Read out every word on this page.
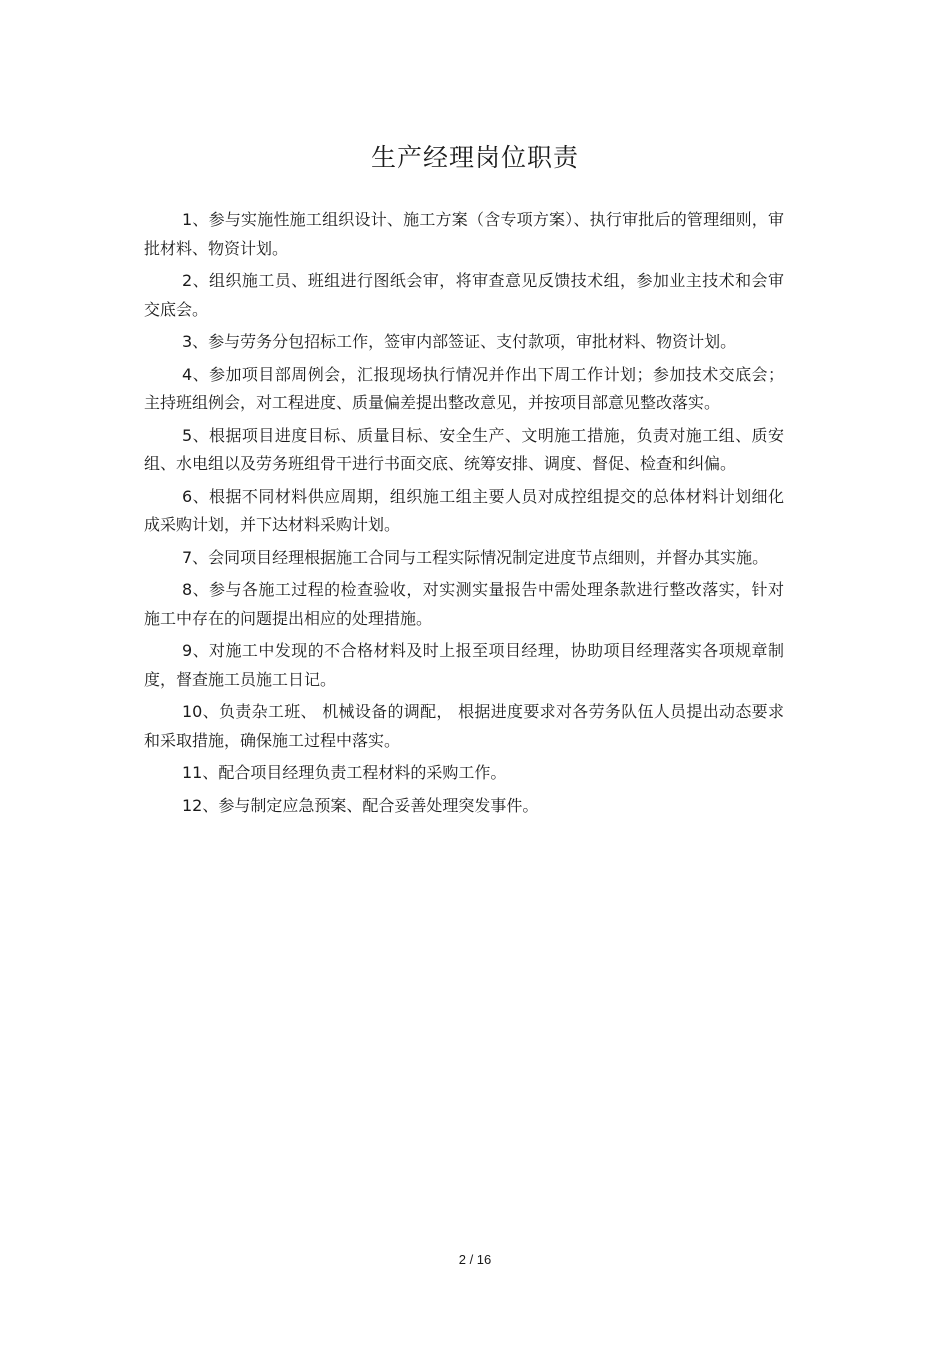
生产经理岗位职责

1、参与实施性施工组织设计、施工方案（含专项方案）、执行审批后的管理细则，审批材料、物资计划。

2、组织施工员、班组进行图纸会审，将审查意见反馈技术组，参加业主技术和会审交底会。

3、参与劳务分包招标工作，签审内部签证、支付款项，审批材料、物资计划。

4、参加项目部周例会，汇报现场执行情况并作出下周工作计划；参加技术交底会；主持班组例会，对工程进度、质量偏差提出整改意见，并按项目部意见整改落实。

5、根据项目进度目标、质量目标、安全生产、文明施工措施，负责对施工组、质安组、水电组以及劳务班组骨干进行书面交底、统筹安排、调度、督促、检查和纠偏。

6、根据不同材料供应周期，组织施工组主要人员对成控组提交的总体材料计划细化成采购计划，并下达材料采购计划。

7、会同项目经理根据施工合同与工程实际情况制定进度节点细则，并督办其实施。

8、参与各施工过程的检查验收，对实测实量报告中需处理条款进行整改落实，针对施工中存在的问题提出相应的处理措施。

9、对施工中发现的不合格材料及时上报至项目经理，协助项目经理落实各项规章制度，督查施工员施工日记。

10、负责杂工班、 机械设备的调配， 根据进度要求对各劳务队伍人员提出动态要求和采取措施，确保施工过程中落实。

11、配合项目经理负责工程材料的采购工作。

12、参与制定应急预案、配合妥善处理突发事件。

2 / 16
